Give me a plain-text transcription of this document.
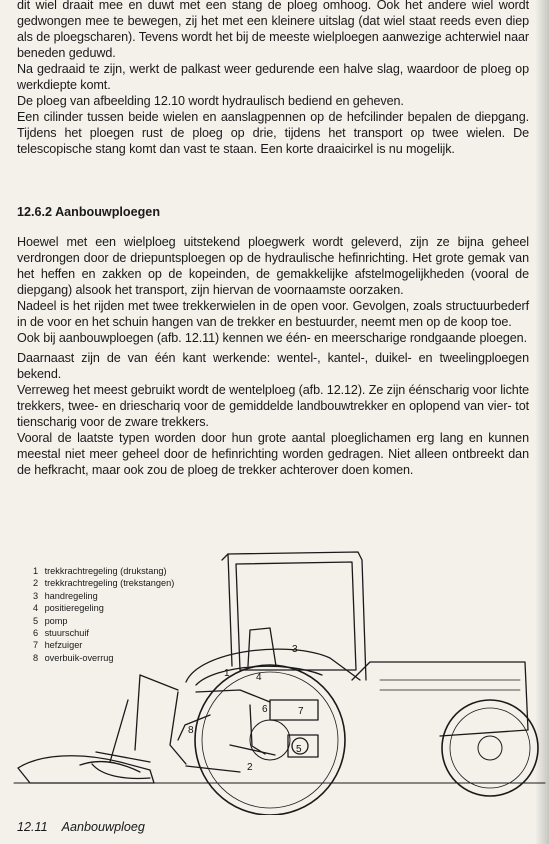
dit wiel draait mee en duwt met een stang de ploeg omhoog. Ook het andere wiel wordt gedwongen mee te bewegen, zij het met een kleinere uitslag (dat wiel staat reeds even diep als de ploegscharen). Tevens wordt het bij de meeste wielploegen aanwezige achterwiel naar beneden geduwd.

Na gedraaid te zijn, werkt de palkast weer gedurende een halve slag, waardoor de ploeg op werkdiepte komt.

De ploeg van afbeelding 12.10 wordt hydraulisch bediend en geheven.

Een cilinder tussen beide wielen en aanslagpennen op de hefcilinder bepalen de diepgang. Tijdens het ploegen rust de ploeg op drie, tijdens het transport op twee wielen. De telescopische stang komt dan vast te staan. Een korte draaicirkel is nu mogelijk.

12.6.2 Aanbouwploegen

Hoewel met een wielploeg uitstekend ploegwerk wordt geleverd, zijn ze bijna geheel verdrongen door de driepuntsploegen op de hydraulische hefinrichting. Het grote gemak van het heffen en zakken op de kopeinden, de gemakkelijke afstelmogelijkheden (vooral de diepgang) alsook het transport, zijn hiervan de voornaamste oorzaken.

Nadeel is het rijden met twee trekkerwielen in de open voor. Gevolgen, zoals structuurbederf in de voor en het schuin hangen van de trekker en bestuurder, neemt men op de koop toe.

Ook bij aanbouwploegen (afb. 12.11) kennen we één- en meerscharige rondgaande ploegen.

Daarnaast zijn de van één kant werkende: wentel-, kantel-, duikel- en tweelingploegen bekend.

Verreweg het meest gebruikt wordt de wentelploeg (afb. 12.12). Ze zijn éénscharig voor lichte trekkers, twee- en drieschariq voor de gemiddelde landbouwtrekker en oplopend van vier- tot tienscharig voor de zware trekkers.

Vooral de laatste typen worden door hun grote aantal ploeglichamen erg lang en kunnen meestal niet meer geheel door de hefinrichting worden gedragen. Niet alleen ontbreekt dan de hefkracht, maar ook zou de ploeg de trekker achterover doen komen.

1
2
3
4
5
6	7
8
1 trekkrachtregeling (drukstang)
2 trekkrachtregeling (trekstangen)
3 handregeling
4 positieregeling
5 pomp
6 stuurschuif
7 hefzuiger
8 overbuik-overrug
12.11 Aanbouwploeg
